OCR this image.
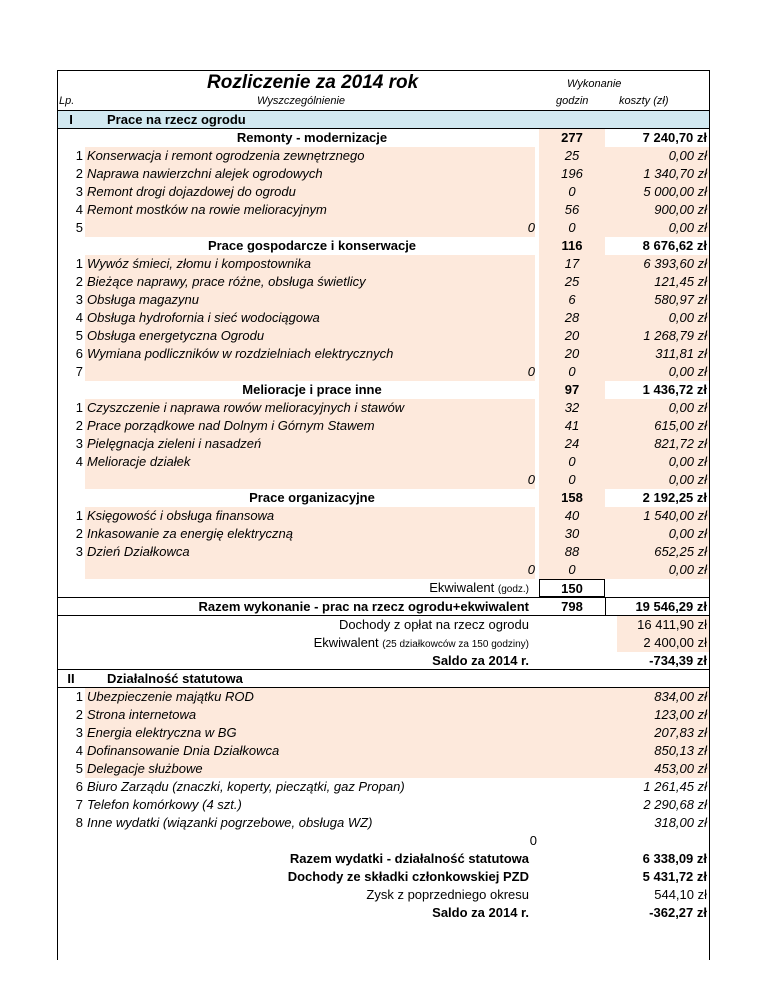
Rozliczenie za 2014 rok	Wykonanie
Lp.	Wyszczególnienie	godzin	koszty (zł)
I	Prace na rzecz ogrodu
Remonty - modernizacje	277	7 240,70 zł
1 Konserwacja i remont ogrodzenia zewnętrznego	25	0,00 zł
2 Naprawa nawierzchni alejek ogrodowych	196	1 340,70 zł
3 Remont drogi dojazdowej do ogrodu	0	5 000,00 zł
4 Remont mostków na rowie melioracyjnym	56	900,00 zł
5	0	0	0,00 zł
Prace gospodarcze i konserwacje	116	8 676,62 zł
1 Wywóz śmieci, złomu i kompostownika	17	6 393,60 zł
2 Bieżące naprawy, prace różne, obsługa świetlicy	25	121,45 zł
3 Obsługa magazynu	6	580,97 zł
4 Obsługa hydrofornia i sieć wodociągowa	28	0,00 zł
5 Obsługa energetyczna Ogrodu	20	1 268,79 zł
6 Wymiana podliczników w rozdzielniach elektrycznych	20	311,81 zł
7	0	0	0,00 zł
Melioracje i prace inne	97	1 436,72 zł
1 Czyszczenie i naprawa rowów melioracyjnych i stawów	32	0,00 zł
2 Prace porządkowe nad Dolnym i Górnym Stawem	41	615,00 zł
3 Pielęgnacja zieleni i nasadzeń	24	821,72 zł
4 Melioracje działek	0	0,00 zł
0	0	0,00 zł
Prace organizacyjne	158	2 192,25 zł
1 Księgowość i obsługa finansowa	40	1 540,00 zł
2 Inkasowanie za energię elektryczną	30	0,00 zł
3 Dzień Działkowca	88	652,25 zł
0	0	0,00 zł
Ekwiwalent (godz.)	150
Razem wykonanie - prac na rzecz ogrodu+ekwiwalent	798	19 546,29 zł
Dochody z opłat na rzecz ogrodu	16 411,90 zł
Ekwiwalent (25 działkowców za 150 godziny)	2 400,00 zł
Saldo za 2014 r.	-734,39 zł
II	Działalność statutowa
1 Ubezpieczenie majątku ROD	834,00 zł
2 Strona internetowa	123,00 zł
3 Energia elektryczna w BG	207,83 zł
4 Dofinansowanie Dnia Działkowca	850,13 zł
5 Delegacje służbowe	453,00 zł
6 Biuro Zarządu (znaczki, koperty, pieczątki, gaz Propan)	1 261,45 zł
7 Telefon komórkowy (4 szt.)	2 290,68 zł
8 Inne wydatki (wiązanki pogrzebowe, obsługa WZ)	318,00 zł
0
Razem wydatki - działalność statutowa	6 338,09 zł
Dochody ze składki członkowskiej PZD	5 431,72 zł
Zysk z poprzedniego okresu	544,10 zł
Saldo za 2014 r.	-362,27 zł
